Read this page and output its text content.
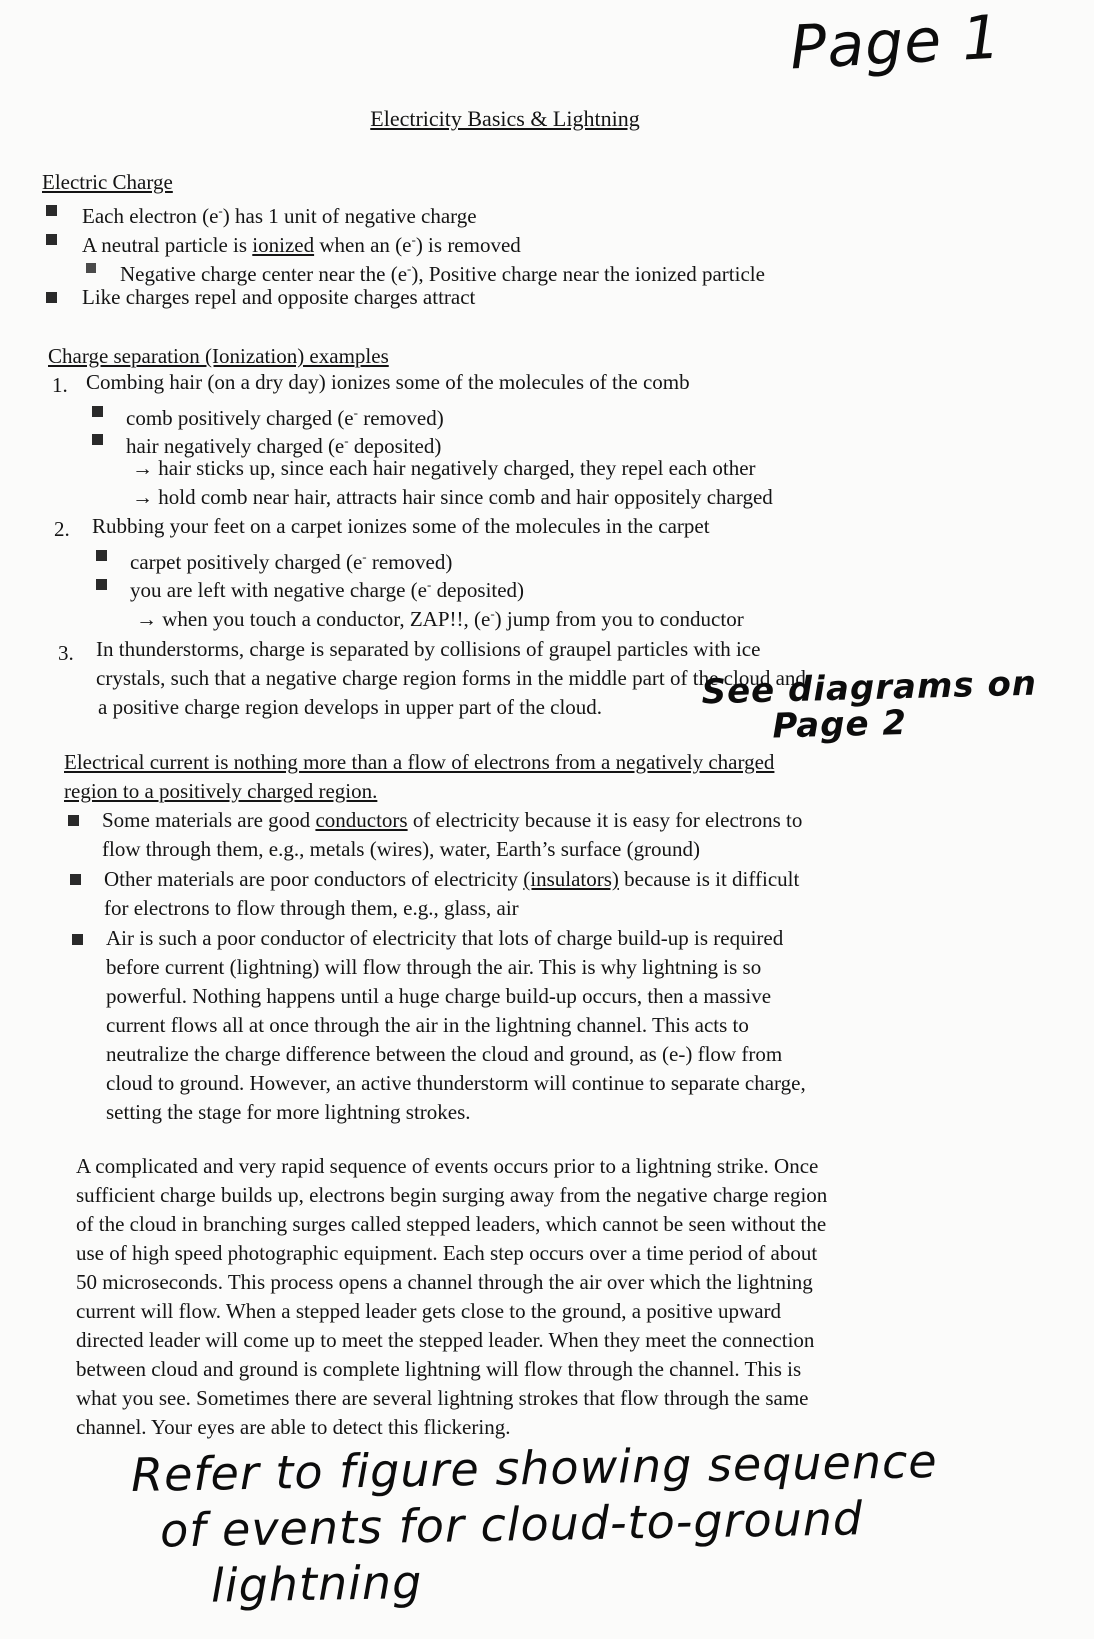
Page 1
Electricity Basics & Lightning
Electric Charge
Each electron (e-) has 1 unit of negative charge
A neutral particle is ionized when an (e-) is removed
Negative charge center near the (e-), Positive charge near the ionized particle
Like charges repel and opposite charges attract
Charge separation (Ionization) examples
1. Combing hair (on a dry day) ionizes some of the molecules of the comb
comb positively charged (e- removed)
hair negatively charged (e- deposited)
→ hair sticks up, since each hair negatively charged, they repel each other
→ hold comb near hair, attracts hair since comb and hair oppositely charged
2. Rubbing your feet on a carpet ionizes some of the molecules in the carpet
carpet positively charged (e- removed)
you are left with negative charge (e- deposited)
→ when you touch a conductor, ZAP!!, (e-) jump from you to conductor
3. In thunderstorms, charge is separated by collisions of graupel particles with ice
crystals, such that a negative charge region forms in the middle part of the cloud and
a positive charge region develops in upper part of the cloud.	See diagrams on
Page 2
Electrical current is nothing more than a flow of electrons from a negatively charged
region to a positively charged region.
Some materials are good conductors of electricity because it is easy for electrons to
flow through them, e.g., metals (wires), water, Earth’s surface (ground)
Other materials are poor conductors of electricity (insulators) because is it difficult
for electrons to flow through them, e.g., glass, air
Air is such a poor conductor of electricity that lots of charge build-up is required
before current (lightning) will flow through the air. This is why lightning is so
powerful. Nothing happens until a huge charge build-up occurs, then a massive
current flows all at once through the air in the lightning channel. This acts to
neutralize the charge difference between the cloud and ground, as (e-) flow from
cloud to ground. However, an active thunderstorm will continue to separate charge,
setting the stage for more lightning strokes.
A complicated and very rapid sequence of events occurs prior to a lightning strike. Once
sufficient charge builds up, electrons begin surging away from the negative charge region
of the cloud in branching surges called stepped leaders, which cannot be seen without the
use of high speed photographic equipment. Each step occurs over a time period of about
50 microseconds. This process opens a channel through the air over which the lightning
current will flow. When a stepped leader gets close to the ground, a positive upward
directed leader will come up to meet the stepped leader. When they meet the connection
between cloud and ground is complete lightning will flow through the channel. This is
what you see. Sometimes there are several lightning strokes that flow through the same
channel. Your eyes are able to detect this flickering.
Refer to figure showing sequence
of events for cloud-to-ground
lightning
